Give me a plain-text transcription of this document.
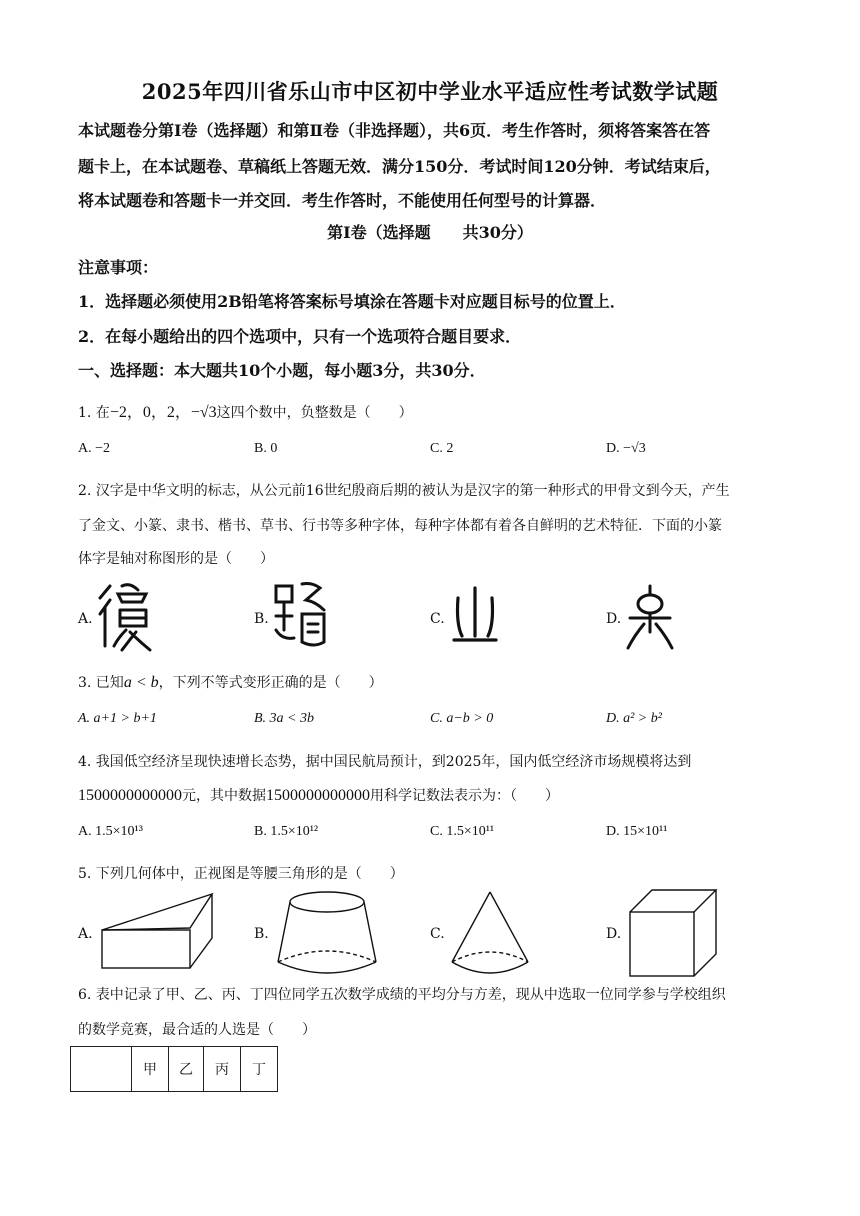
2025年四川省乐山市中区初中学业水平适应性考试数学试题
本试题卷分第Ⅰ卷（选择题）和第Ⅱ卷（非选择题），共6页．考生作答时，须将答案答在答
题卡上，在本试题卷、草稿纸上答题无效．满分150分．考试时间120分钟．考试结束后，
将本试题卷和答题卡一并交回．考生作答时，不能使用任何型号的计算器．
第Ⅰ卷（选择题　　共30分）
注意事项：
1．选择题必须使用2B铅笔将答案标号填涂在答题卡对应题目标号的位置上．
2．在每小题给出的四个选项中，只有一个选项符合题目要求．
一、选择题：本大题共10个小题，每小题3分，共30分．
1. 在−2，0，2，−√3这四个数中，负整数是（　　）
A. −2	B. 0	C. 2	D. −√3
2. 汉字是中华文明的标志，从公元前16世纪殷商后期的被认为是汉字的第一种形式的甲骨文到今天，产生
了金文、小篆、隶书、楷书、草书、行书等多种字体，每种字体都有着各自鲜明的艺术特征．下面的小篆
体字是轴对称图形的是（　　）
A.	B.	C.	D.
3. 已知a < b，下列不等式变形正确的是（　　）
A. a+1 > b+1	B. 3a < 3b	C. a−b > 0	D. a² > b²
4. 我国低空经济呈现快速增长态势，据中国民航局预计，到2025年，国内低空经济市场规模将达到
1500000000000元，其中数据1500000000000用科学记数法表示为：（　　）
A. 1.5×10¹³	B. 1.5×10¹²	C. 1.5×10¹¹	D. 15×10¹¹
5. 下列几何体中，正视图是等腰三角形的是（　　）
A.	B.	C.	D.
6. 表中记录了甲、乙、丙、丁四位同学五次数学成绩的平均分与方差，现从中选取一位同学参与学校组织
的数学竞赛，最合适的人选是（　　）
	甲	乙	丙	丁
